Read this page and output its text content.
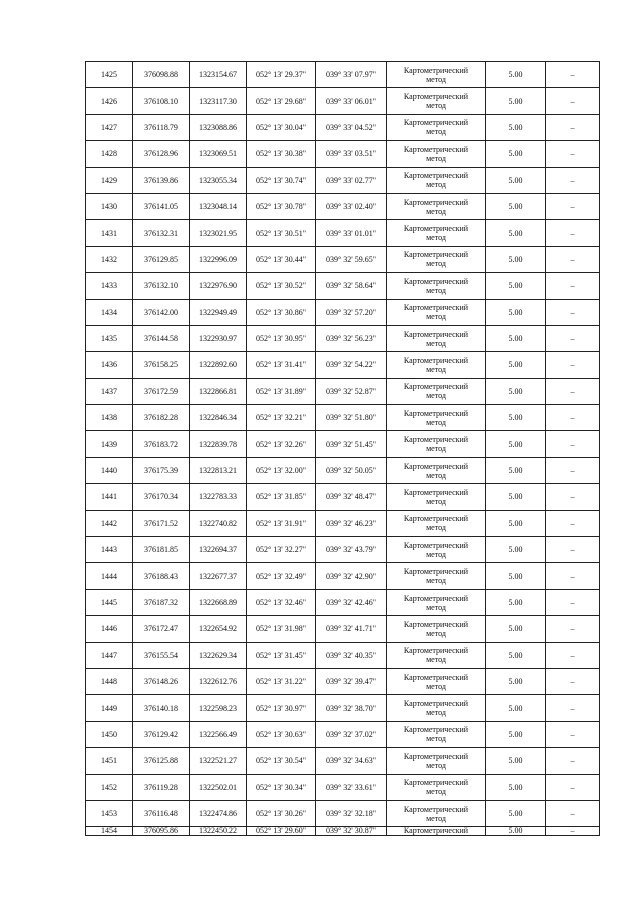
1425	376098.88	1323154.67	052° 13' 29.37"	039° 33' 07.97"	Картометрический
метод	5.00	–
1426	376108.10	1323117.30	052° 13' 29.68"	039° 33' 06.01"	Картометрический
метод	5.00	–
1427	376118.79	1323088.86	052° 13' 30.04"	039° 33' 04.52"	Картометрический
метод	5.00	–
1428	376128.96	1323069.51	052° 13' 30.38"	039° 33' 03.51"	Картометрический
метод	5.00	–
1429	376139.86	1323055.34	052° 13' 30.74"	039° 33' 02.77"	Картометрический
метод	5.00	–
1430	376141.05	1323048.14	052° 13' 30.78"	039° 33' 02.40"	Картометрический
метод	5.00	–
1431	376132.31	1323021.95	052° 13' 30.51"	039° 33' 01.01"	Картометрический
метод	5.00	–
1432	376129.85	1322996.09	052° 13' 30.44"	039° 32' 59.65"	Картометрический
метод	5.00	–
1433	376132.10	1322976.90	052° 13' 30.52"	039° 32' 58.64"	Картометрический
метод	5.00	–
1434	376142.00	1322949.49	052° 13' 30.86"	039° 32' 57.20"	Картометрический
метод	5.00	–
1435	376144.58	1322930.97	052° 13' 30.95"	039° 32' 56.23"	Картометрический
метод	5.00	–
1436	376158.25	1322892.60	052° 13' 31.41"	039° 32' 54.22"	Картометрический
метод	5.00	–
1437	376172.59	1322866.81	052° 13' 31.89"	039° 32' 52.87"	Картометрический
метод	5.00	–
1438	376182.28	1322846.34	052° 13' 32.21"	039° 32' 51.80"	Картометрический
метод	5.00	–
1439	376183.72	1322839.78	052° 13' 32.26"	039° 32' 51.45"	Картометрический
метод	5.00	–
1440	376175.39	1322813.21	052° 13' 32.00"	039° 32' 50.05"	Картометрический
метод	5.00	–
1441	376170.34	1322783.33	052° 13' 31.85"	039° 32' 48.47"	Картометрический
метод	5.00	–
1442	376171.52	1322740.82	052° 13' 31.91"	039° 32' 46.23"	Картометрический
метод	5.00	–
1443	376181.85	1322694.37	052° 13' 32.27"	039° 32' 43.79"	Картометрический
метод	5.00	–
1444	376188.43	1322677.37	052° 13' 32.49"	039° 32' 42.90"	Картометрический
метод	5.00	–
1445	376187.32	1322668.89	052° 13' 32.46"	039° 32' 42.46"	Картометрический
метод	5.00	–
1446	376172.47	1322654.92	052° 13' 31.98"	039° 32' 41.71"	Картометрический
метод	5.00	–
1447	376155.54	1322629.34	052° 13' 31.45"	039° 32' 40.35"	Картометрический
метод	5.00	–
1448	376148.26	1322612.76	052° 13' 31.22"	039° 32' 39.47"	Картометрический
метод	5.00	–
1449	376140.18	1322598.23	052° 13' 30.97"	039° 32' 38.70"	Картометрический
метод	5.00	–
1450	376129.42	1322566.49	052° 13' 30.63"	039° 32' 37.02"	Картометрический
метод	5.00	–
1451	376125.88	1322521.27	052° 13' 30.54"	039° 32' 34.63"	Картометрический
метод	5.00	–
1452	376119.28	1322502.01	052° 13' 30.34"	039° 32' 33.61"	Картометрический
метод	5.00	–
1453	376116.48	1322474.86	052° 13' 30.26"	039° 32' 32.18"	Картометрический
метод	5.00	–
1454	376095.86	1322450.22	052° 13' 29.60"	039° 32' 30.87"	Картометрический	5.00	–
